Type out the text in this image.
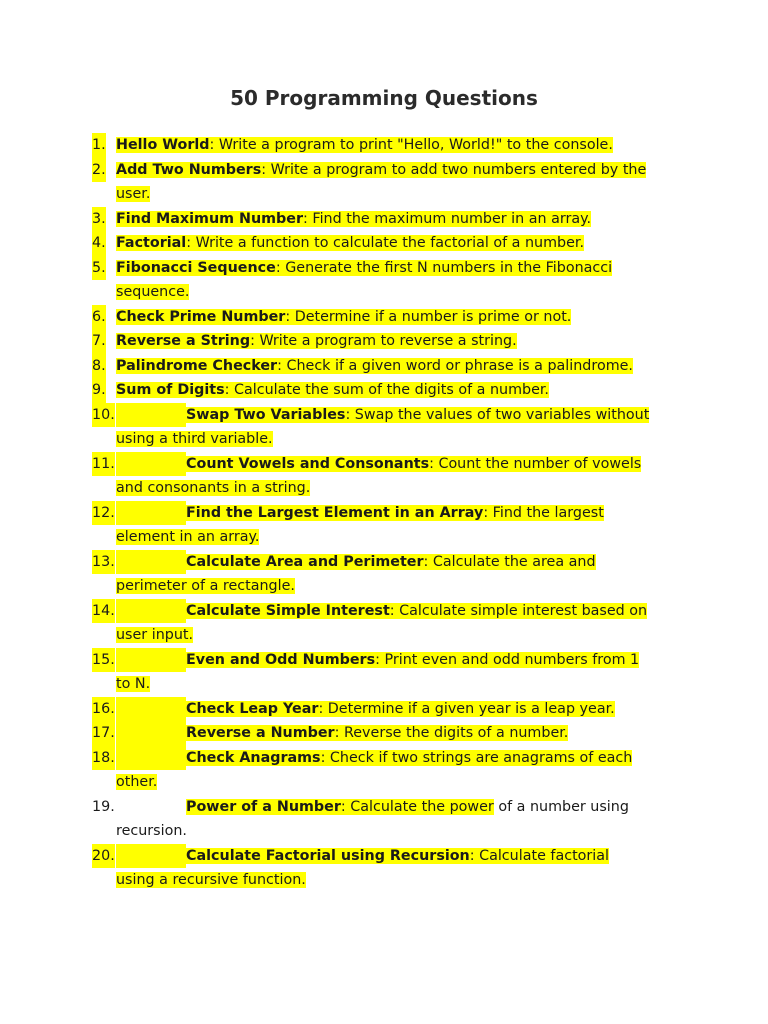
50 Programming Questions
1. Hello World: Write a program to print "Hello, World!" to the console.
2. Add Two Numbers: Write a program to add two numbers entered by the user.
3. Find Maximum Number: Find the maximum number in an array.
4. Factorial: Write a function to calculate the factorial of a number.
5. Fibonacci Sequence: Generate the first N numbers in the Fibonacci sequence.
6. Check Prime Number: Determine if a number is prime or not.
7. Reverse a String: Write a program to reverse a string.
8. Palindrome Checker: Check if a given word or phrase is a palindrome.
9. Sum of Digits: Calculate the sum of the digits of a number.
10.	Swap Two Variables: Swap the values of two variables without using a third variable.
11.	Count Vowels and Consonants: Count the number of vowels and consonants in a string.
12.	Find the Largest Element in an Array: Find the largest element in an array.
13.	Calculate Area and Perimeter: Calculate the area and perimeter of a rectangle.
14.	Calculate Simple Interest: Calculate simple interest based on user input.
15.	Even and Odd Numbers: Print even and odd numbers from 1 to N.
16.	Check Leap Year: Determine if a given year is a leap year.
17.	Reverse a Number: Reverse the digits of a number.
18.	Check Anagrams: Check if two strings are anagrams of each other.
19.	Power of a Number: Calculate the power of a number using recursion.
20.	Calculate Factorial using Recursion: Calculate factorial using a recursive function.
